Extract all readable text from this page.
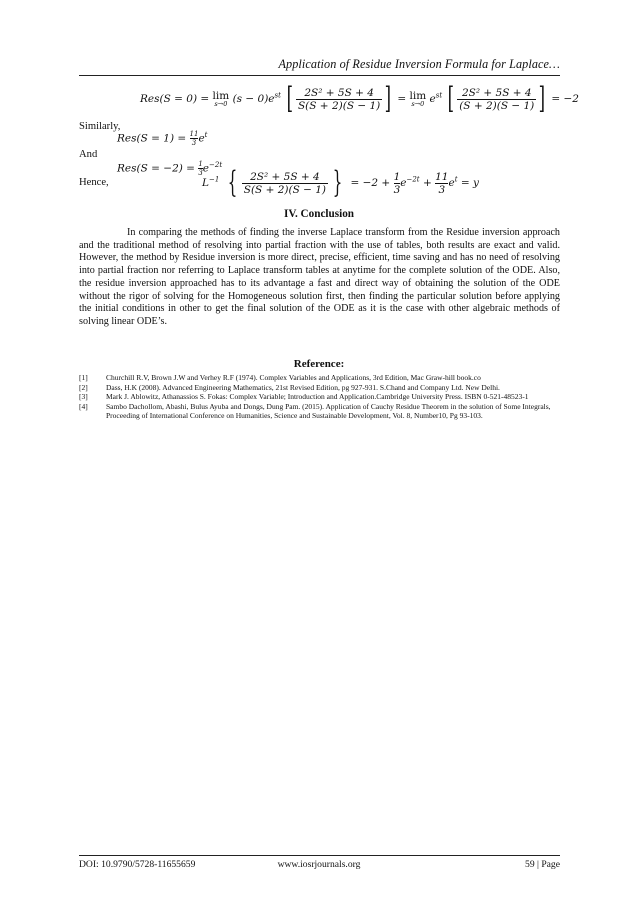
Application of Residue Inversion Formula for Laplace…
Res(S = 0) = lim
s→0 $(s - 0)e^{st}$ [ $\frac{\text{2S² + 5S + 4}}{S(S + 2)(S - 1)}$ ] = lim
s→0 $e^{st}$ [ $\frac{\text{2S² + 5S + 4}}{(S + 2)(S - 1)}$ ] = −2
Similarly,
$Res(S = 1) = \frac{11}{3} e^t$
And
$Res(S = -2) = \frac{1}{3} e^{-2t}$
Hence,	$L^{-1}$ { $\frac{\text{2S² + 5S + 4}}{S(S + 2)(S - 1)}$ } = $-2 + \frac{1}{3} e^{-2t} + \frac{11}{3} e^t = y$
IV. Conclusion
In comparing the methods of finding the inverse Laplace transform from the Residue inversion approach and the traditional method of resolving into partial fraction with the use of tables, both results are exact and valid. However, the method by Residue inversion is more direct, precise, efficient, time saving and has no need of resolving into partial fraction nor referring to Laplace transform tables at anytime for the complete solution of the ODE. Also, the residue inversion approached has to its advantage a fast and direct way of obtaining the solution of the ODE without the rigor of solving for the Homogeneous solution first, then finding the particular solution before applying the initial conditions in other to get the final solution of the ODE as it is the case with other algebraic methods of solving linear ODE’s.
Reference:
[1]	Churchill R.V, Brown J.W and Verhey R.F (1974). Complex Variables and Applications, 3rd Edition, Mac Graw-hill book.co
[2]	Dass, H.K (2008). Advanced Engineering Mathematics, 21st Revised Edition, pg 927-931. S.Chand and Company Ltd. New Delhi.
[3]	Mark J. Ablowitz, Athanassios S. Fokas: Complex Variable; Introduction and Application.Cambridge University Press. ISBN 0-521-48523-1
[4]	Sambo Dachollom, Abashi, Bulus Ayuba and Dongs, Dung Pam. (2015). Application of Cauchy Residue Theorem in the solution of Some Integrals, Proceeding of International Conference on Humanities, Science and Sustainable Development, Vol. 8, Number10, Pg 93-103.
DOI: 10.9790/5728-11655659	www.iosrjournals.org	59 | Page
